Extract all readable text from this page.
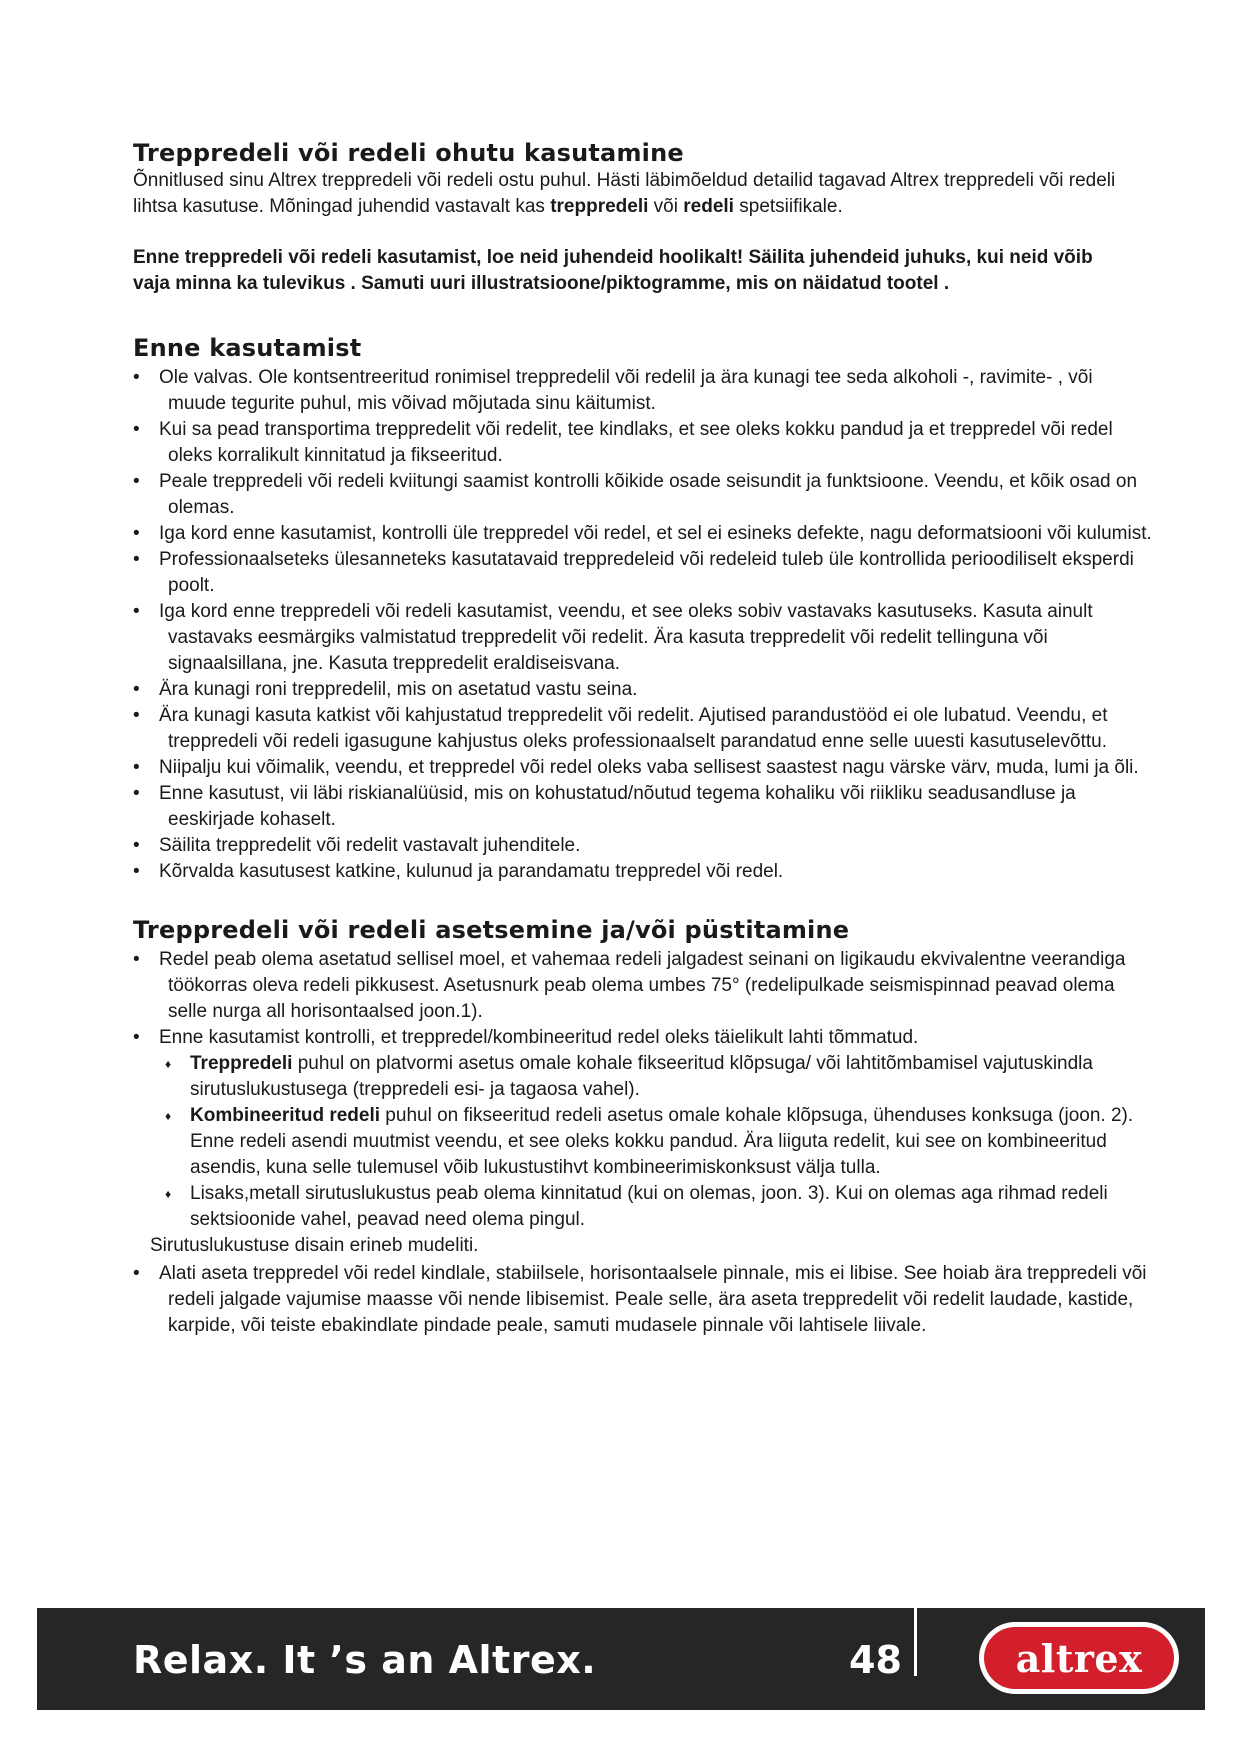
Treppredeli või redeli ohutu kasutamine

Õnnitlused sinu Altrex treppredeli või redeli ostu puhul. Hästi läbimõeldud detailid tagavad Altrex treppredeli või redeli lihtsa kasutuse. Mõningad juhendid vastavalt kas treppredeli või redeli spetsiifikale.

Enne treppredeli või redeli kasutamist, loe neid juhendeid hoolikalt! Säilita juhendeid juhuks, kui neid võib vaja minna ka tulevikus . Samuti uuri illustratsioone/piktogramme, mis on näidatud tootel .

Enne kasutamist
• Ole valvas. Ole kontsentreeritud ronimisel treppredelil või redelil ja ära kunagi tee seda alkoholi -, ravimite- , või muude tegurite puhul, mis võivad mõjutada sinu käitumist.
• Kui sa pead transportima treppredelit või redelit, tee kindlaks, et see oleks kokku pandud ja et treppredel või redel oleks korralikult kinnitatud ja fikseeritud.
• Peale treppredeli või redeli kviitungi saamist kontrolli kõikide osade seisundit ja funktsioone. Veendu, et kõik osad on olemas.
• Iga kord enne kasutamist, kontrolli üle treppredel või redel, et sel ei esineks defekte, nagu deformatsiooni või kulumist.
• Professionaalseteks ülesanneteks kasutatavaid treppredeleid või redeleid tuleb üle kontrollida perioodiliselt eksperdi poolt.
• Iga kord enne treppredeli või redeli kasutamist, veendu, et see oleks sobiv vastavaks kasutuseks. Kasuta ainult vastavaks eesmärgiks valmistatud treppredelit või redelit. Ära kasuta treppredelit või redelit tellinguna või signaalsillana, jne. Kasuta treppredelit eraldiseisvana.
• Ära kunagi roni treppredelil, mis on asetatud vastu seina.
• Ära kunagi kasuta katkist või kahjustatud treppredelit või redelit. Ajutised parandustööd ei ole lubatud. Veendu, et treppredeli või redeli igasugune kahjustus oleks professionaalselt parandatud enne selle uuesti kasutuselevõttu.
• Niipalju kui võimalik, veendu, et treppredel või redel oleks vaba sellisest saastest nagu värske värv, muda, lumi ja õli.
• Enne kasutust, vii läbi riskianalüüsid, mis on kohustatud/nõutud tegema kohaliku või riikliku seadusandluse ja eeskirjade kohaselt.
• Säilita treppredelit või redelit vastavalt juhenditele.
• Kõrvalda kasutusest katkine, kulunud ja parandamatu treppredel või redel.
Treppredeli või redeli asetsemine ja/või püstitamine
• Redel peab olema asetatud sellisel moel, et vahemaa redeli jalgadest seinani on ligikaudu ekvivalentne veerandiga töökorras oleva redeli pikkusest. Asetusnurk peab olema umbes 75° (redelipulkade seismispinnad peavad olema selle nurga all horisontaalsed joon.1).
• Enne kasutamist kontrolli, et treppredel/kombineeritud redel oleks täielikult lahti tõmmatud.
♦ Treppredeli puhul on platvormi asetus omale kohale fikseeritud klõpsuga/ või lahtitõmbamisel vajutuskindla sirutuslukustusega (treppredeli esi- ja tagaosa vahel).
♦ Kombineeritud redeli puhul on fikseeritud redeli asetus omale kohale klõpsuga, ühenduses konksuga (joon. 2). Enne redeli asendi muutmist veendu, et see oleks kokku pandud. Ära liiguta redelit, kui see on kombineeritud asendis, kuna selle tulemusel võib lukustustihvt kombineerimiskonksust välja tulla.
♦ Lisaks,metall sirutuslukustus peab olema kinnitatud (kui on olemas, joon. 3). Kui on olemas aga rihmad redeli sektsioonide vahel, peavad need olema pingul.

Sirutuslukustuse disain erineb mudeliti.

• Alati aseta treppredel või redel kindlale, stabiilsele, horisontaalsele pinnale, mis ei libise. See hoiab ära treppredeli või redeli jalgade vajumise maasse või nende libisemist. Peale selle, ära aseta treppredelit või redelit laudade, kastide, karpide, või teiste ebakindlate pindade peale, samuti mudasele pinnale või lahtisele liivale.
Relax. It ’s an Altrex.	48	altrex
